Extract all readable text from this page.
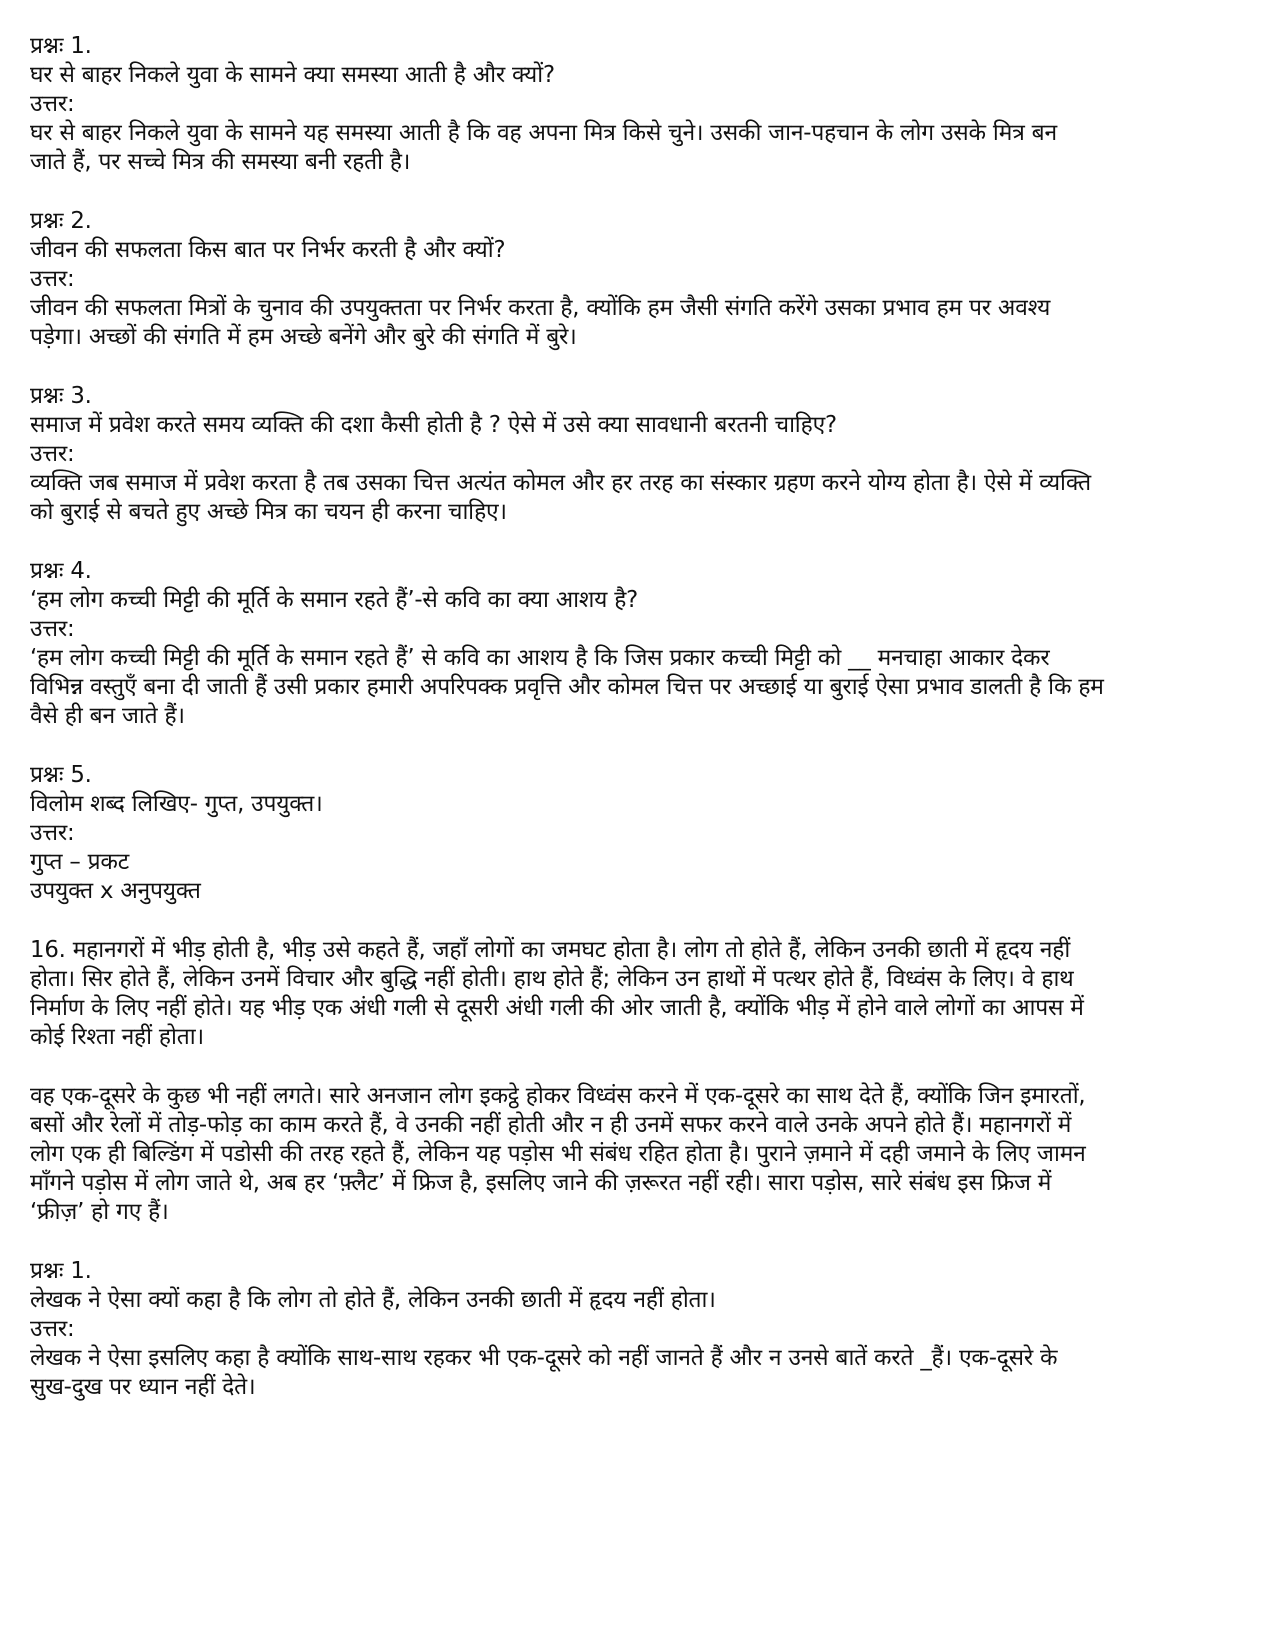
प्रश्नः 1.
घर से बाहर निकले युवा के सामने क्या समस्या आती है और क्यों?
उत्तर:
घर से बाहर निकले युवा के सामने यह समस्या आती है कि वह अपना मित्र किसे चुने। उसकी जान-पहचान के लोग उसके मित्र बन
जाते हैं, पर सच्चे मित्र की समस्या बनी रहती है।
प्रश्नः 2.
जीवन की सफलता किस बात पर निर्भर करती है और क्यों?
उत्तर:
जीवन की सफलता मित्रों के चुनाव की उपयुक्तता पर निर्भर करता है, क्योंकि हम जैसी संगति करेंगे उसका प्रभाव हम पर अवश्य
पड़ेगा। अच्छों की संगति में हम अच्छे बनेंगे और बुरे की संगति में बुरे।
प्रश्नः 3.
समाज में प्रवेश करते समय व्यक्ति की दशा कैसी होती है ? ऐसे में उसे क्या सावधानी बरतनी चाहिए?
उत्तर:
व्यक्ति जब समाज में प्रवेश करता है तब उसका चित्त अत्यंत कोमल और हर तरह का संस्कार ग्रहण करने योग्य होता है। ऐसे में व्यक्ति
को बुराई से बचते हुए अच्छे मित्र का चयन ही करना चाहिए।
प्रश्नः 4.
‘हम लोग कच्ची मिट्टी की मूर्ति के समान रहते हैं’-से कवि का क्या आशय है?
उत्तर:
‘हम लोग कच्ची मिट्टी की मूर्ति के समान रहते हैं’ से कवि का आशय है कि जिस प्रकार कच्ची मिट्टी को __ मनचाहा आकार देकर
विभिन्न वस्तुएँ बना दी जाती हैं उसी प्रकार हमारी अपरिपक्क प्रवृत्ति और कोमल चित्त पर अच्छाई या बुराई ऐसा प्रभाव डालती है कि हम
वैसे ही बन जाते हैं।
प्रश्नः 5.
विलोम शब्द लिखिए- गुप्त, उपयुक्त।
उत्तर:
गुप्त – प्रकट
उपयुक्त x अनुपयुक्त
16. महानगरों में भीड़ होती है, भीड़ उसे कहते हैं, जहाँ लोगों का जमघट होता है। लोग तो होते हैं, लेकिन उनकी छाती में हृदय नहीं
होता। सिर होते हैं, लेकिन उनमें विचार और बुद्धि नहीं होती। हाथ होते हैं; लेकिन उन हाथों में पत्थर होते हैं, विध्वंस के लिए। वे हाथ
निर्माण के लिए नहीं होते। यह भीड़ एक अंधी गली से दूसरी अंधी गली की ओर जाती है, क्योंकि भीड़ में होने वाले लोगों का आपस में
कोई रिश्ता नहीं होता।
वह एक-दूसरे के कुछ भी नहीं लगते। सारे अनजान लोग इकट्ठे होकर विध्वंस करने में एक-दूसरे का साथ देते हैं, क्योंकि जिन इमारतों,
बसों और रेलों में तोड़-फोड़ का काम करते हैं, वे उनकी नहीं होती और न ही उनमें सफर करने वाले उनके अपने होते हैं। महानगरों में
लोग एक ही बिल्डिंग में पडोसी की तरह रहते हैं, लेकिन यह पड़ोस भी संबंध रहित होता है। पुराने ज़माने में दही जमाने के लिए जामन
माँगने पड़ोस में लोग जाते थे, अब हर ‘फ़्लैट’ में फ्रिज है, इसलिए जाने की ज़रूरत नहीं रही। सारा पड़ोस, सारे संबंध इस फ्रिज में
‘फ्रीज़’ हो गए हैं।
प्रश्नः 1.
लेखक ने ऐसा क्यों कहा है कि लोग तो होते हैं, लेकिन उनकी छाती में हृदय नहीं होता।
उत्तर:
लेखक ने ऐसा इसलिए कहा है क्योंकि साथ-साथ रहकर भी एक-दूसरे को नहीं जानते हैं और न उनसे बातें करते _हैं। एक-दूसरे के
सुख-दुख पर ध्यान नहीं देते।
